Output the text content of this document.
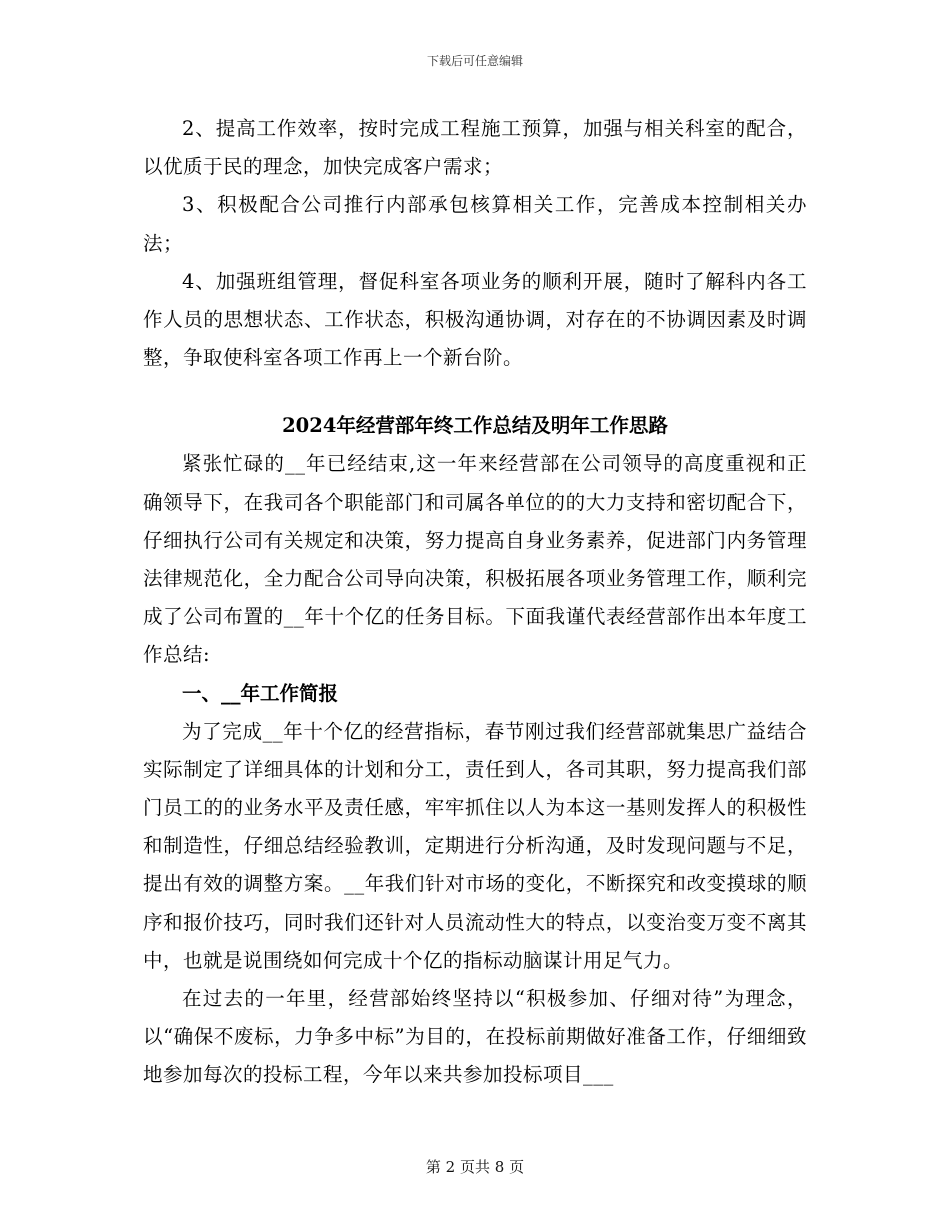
下载后可任意编辑

2、提高工作效率，按时完成工程施工预算，加强与相关科室的配合，以优质于民的理念，加快完成客户需求；

3、积极配合公司推行内部承包核算相关工作，完善成本控制相关办法；

4、加强班组管理，督促科室各项业务的顺利开展，随时了解科内各工作人员的思想状态、工作状态，积极沟通协调，对存在的不协调因素及时调整，争取使科室各项工作再上一个新台阶。

2024年经营部年终工作总结及明年工作思路

紧张忙碌的__年已经结束,这一年来经营部在公司领导的高度重视和正确领导下，在我司各个职能部门和司属各单位的的大力支持和密切配合下，仔细执行公司有关规定和决策，努力提高自身业务素养，促进部门内务管理法律规范化，全力配合公司导向决策，积极拓展各项业务管理工作，顺利完成了公司布置的__年十个亿的任务目标。下面我谨代表经营部作出本年度工作总结:

一、__年工作简报

为了完成__年十个亿的经营指标，春节刚过我们经营部就集思广益结合实际制定了详细具体的计划和分工，责任到人，各司其职，努力提高我们部门员工的的业务水平及责任感，牢牢抓住以人为本这一基则发挥人的积极性和制造性，仔细总结经验教训，定期进行分析沟通，及时发现问题与不足，提出有效的调整方案。__年我们针对市场的变化，不断探究和改变摸球的顺序和报价技巧，同时我们还针对人员流动性大的特点，以变治变万变不离其中，也就是说围绕如何完成十个亿的指标动脑谋计用足气力。

在过去的一年里，经营部始终坚持以“积极参加、仔细对待”为理念，以“确保不废标，力争多中标”为目的，在投标前期做好准备工作，仔细细致地参加每次的投标工程，今年以来共参加投标项目___

第 2 页共 8 页
